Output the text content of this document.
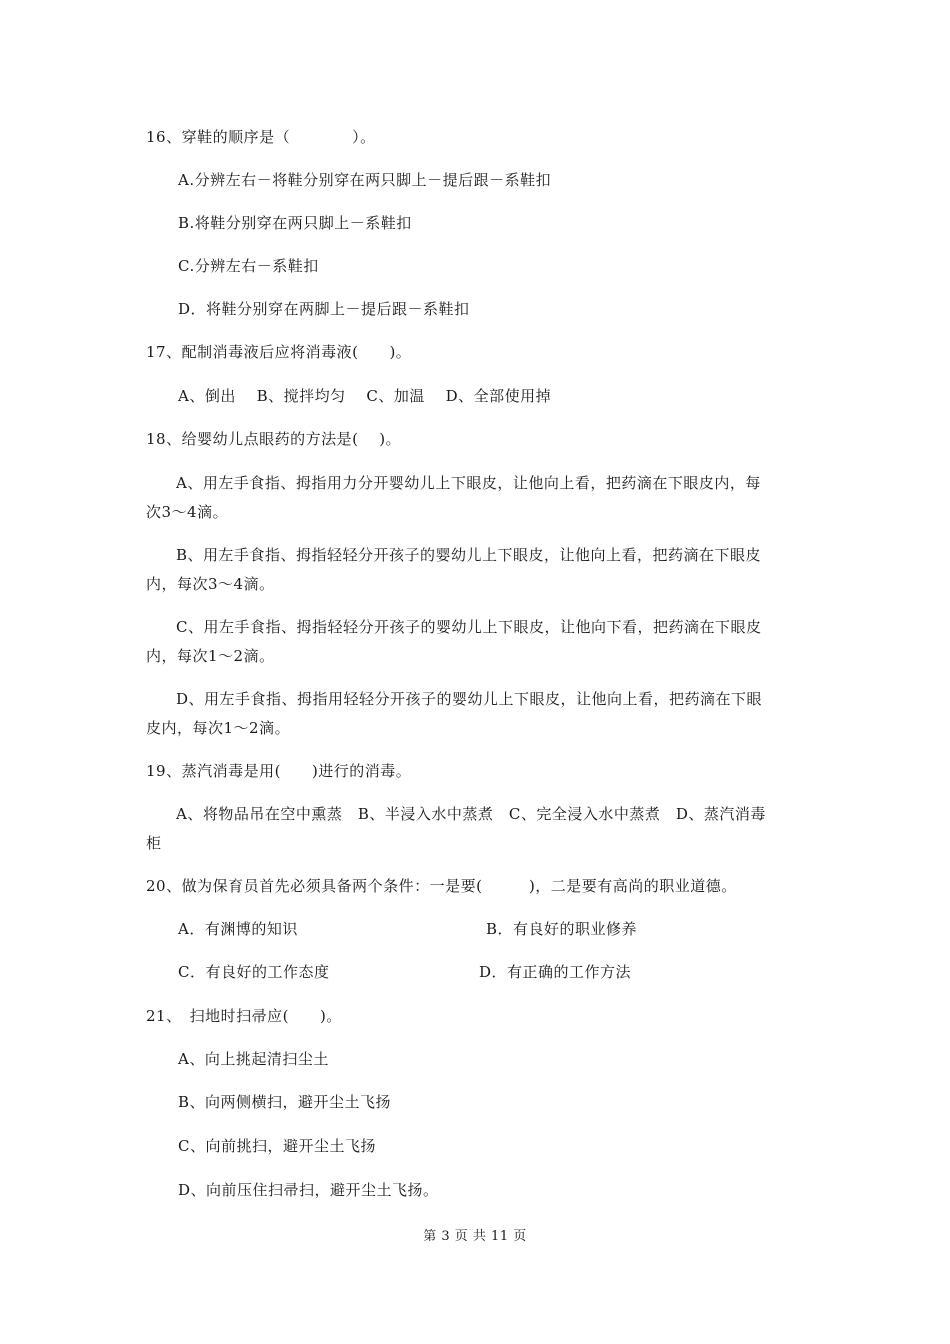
16、穿鞋的顺序是（　　　　）。
A.分辨左右－将鞋分别穿在两只脚上－提后跟－系鞋扣
B.将鞋分别穿在两只脚上－系鞋扣
C.分辨左右－系鞋扣
D．将鞋分别穿在两脚上－提后跟－系鞋扣
17、配制消毒液后应将消毒液(　　)。
A、倒出　 B、搅拌均匀　 C、加温　 D、全部使用掉
18、给婴幼儿点眼药的方法是(　 )。
A、用左手食指、拇指用力分开婴幼儿上下眼皮，让他向上看，把药滴在下眼皮内，每
次3～4滴。
B、用左手食指、拇指轻轻分开孩子的婴幼儿上下眼皮，让他向上看，把药滴在下眼皮
内，每次3～4滴。
C、用左手食指、拇指轻轻分开孩子的婴幼儿上下眼皮，让他向下看，把药滴在下眼皮
内，每次1～2滴。
D、用左手食指、拇指用轻轻分开孩子的婴幼儿上下眼皮，让他向上看，把药滴在下眼
皮内，每次1～2滴。
19、蒸汽消毒是用(　　)进行的消毒。
A、将物品吊在空中熏蒸　B、半浸入水中蒸煮　C、完全浸入水中蒸煮　D、蒸汽消毒
柜
20、做为保育员首先必须具备两个条件：一是要(　　　)，二是要有高尚的职业道德。
A．有渊博的知识	B．有良好的职业修养
C．有良好的工作态度	D．有正确的工作方法
21、　扫地时扫帚应(　　)。
A、向上挑起清扫尘土
B、向两侧横扫，避开尘土飞扬
C、向前挑扫，避开尘土飞扬
D、向前压住扫帚扫，避开尘土飞扬。
第 3 页 共 11 页
